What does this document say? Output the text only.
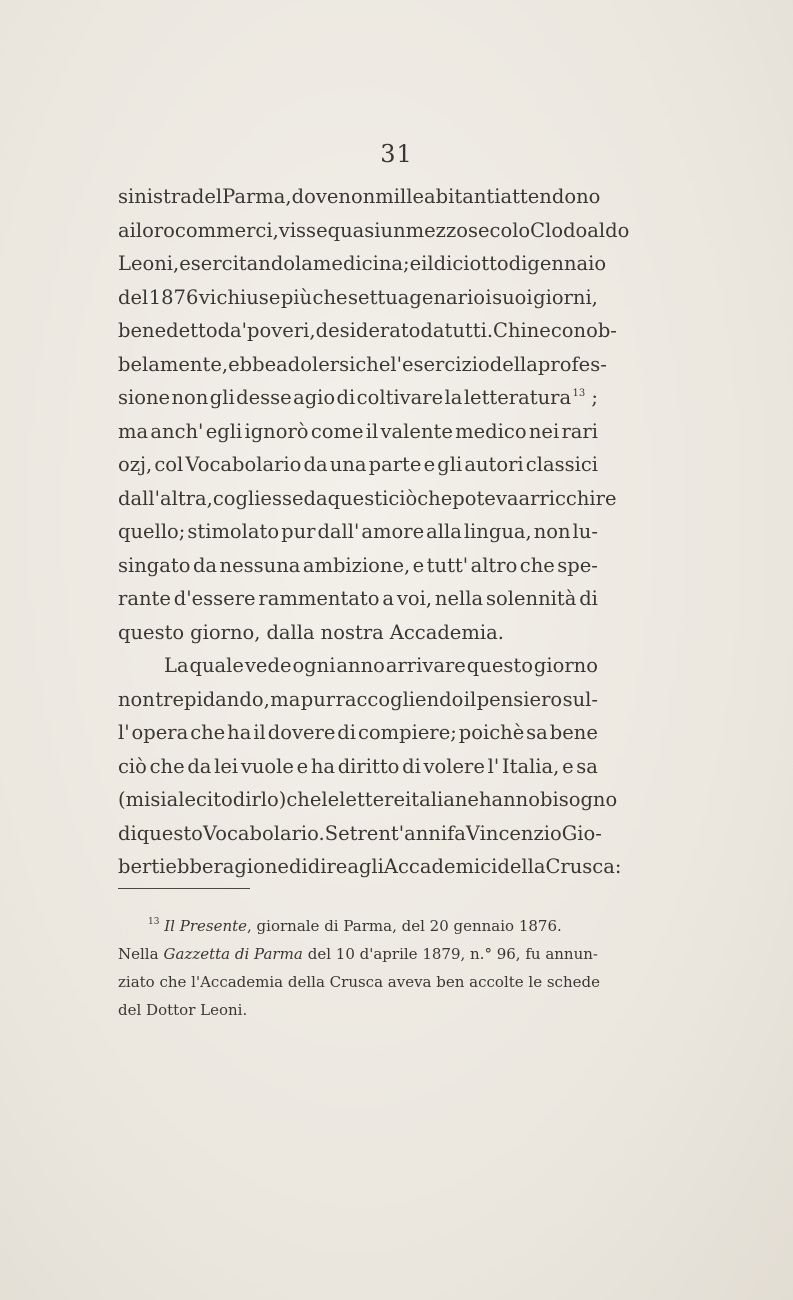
31
sinistra del Parma, dove non mille abitanti attendono
ai loro commerci, visse quasi un mezzo secolo Clodoaldo
Leoni, esercitando la medicina; e il diciotto di gennaio
del 1876 vi chiuse più che settuagenario i suoi giorni,
benedetto da' poveri, desiderato da tutti. Chi ne conob-
be la mente, ebbe a dolersi che l'esercizio della profes-
sione non gli desse agio di coltivare la letteratura $^{13}$ ;
ma anch' egli ignorò come il valente medico nei rari
ozj, col Vocabolario da una parte e gli autori classici
dall' altra, cogliesse da questi ciò che poteva arricchire
quello; stimolato pur dall' amore alla lingua, non lu-
singato da nessuna ambizione, e tutt' altro che spe-
rante d'essere rammentato a voi, nella solennità di
questo giorno, dalla nostra Accademia.
La quale vede ogni anno arrivare questo giorno
non trepidando, ma pur raccogliendo il pensiero sul-
l' opera che ha il dovere di compiere; poichè sa bene
ciò che da lei vuole e ha diritto di volere l' Italia, e sa
(mi sia lecito dirlo) che le lettere italiane hanno bisogno
di questo Vocabolario. Se trent'anni fa Vincenzio Gio-
berti ebbe ragione di dire agli Accademici della Crusca :
$^{13}$ Il Presente, giornale di Parma, del 20 gennaio 1876.
Nella Gazzetta di Parma del 10 d'aprile 1879, n.° 96, fu annun-
ziato che l'Accademia della Crusca aveva ben accolte le schede
del Dottor Leoni.
